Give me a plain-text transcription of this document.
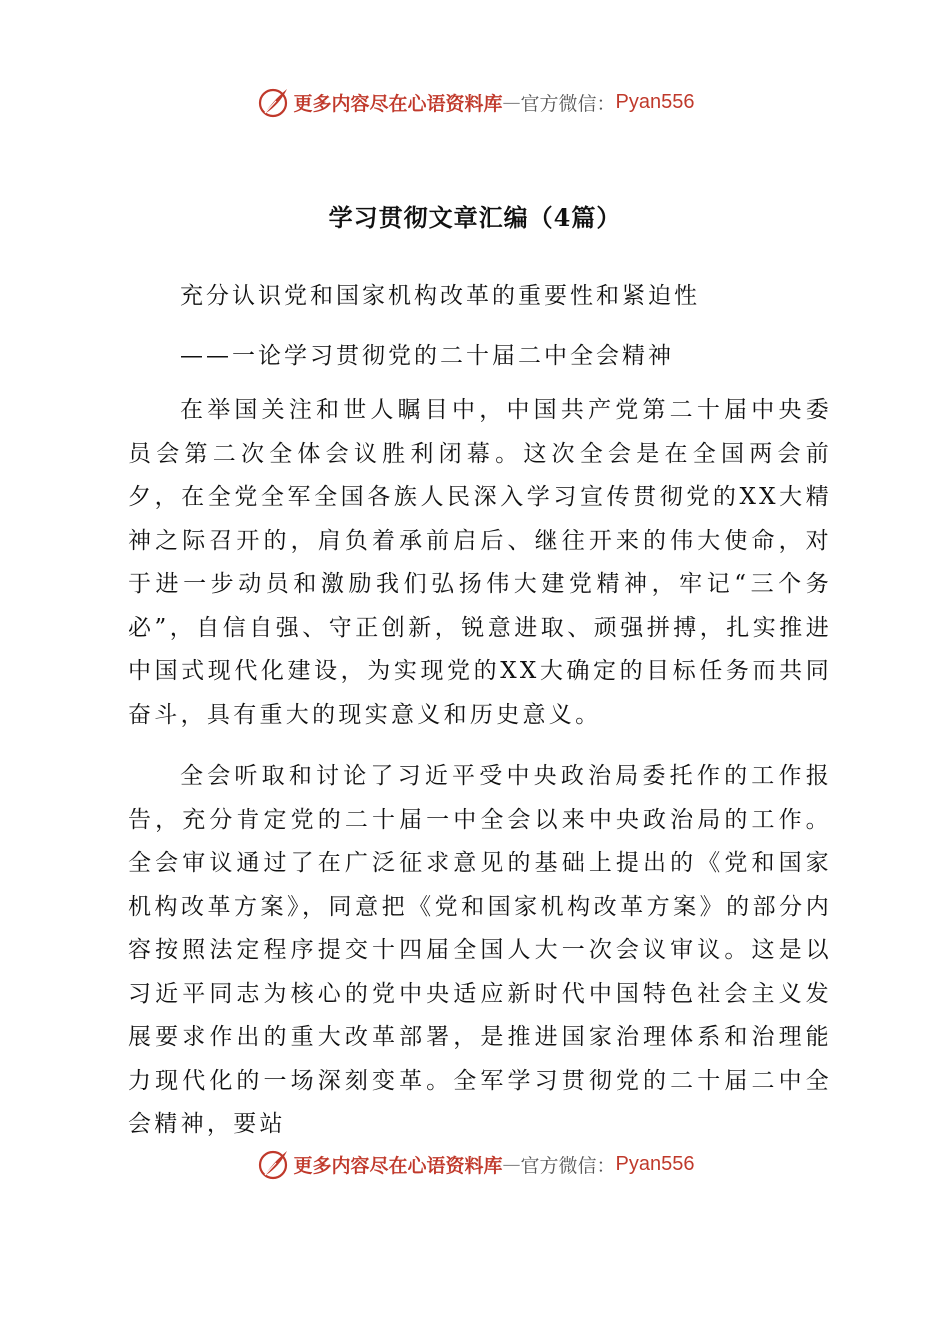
更多内容尽在心语资料库 — 官方微信： Pyan556
学习贯彻文章汇编（4篇）

充分认识党和国家机构改革的重要性和紧迫性

——一论学习贯彻党的二十届二中全会精神

在举国关注和世人瞩目中，中国共产党第二十届中央委员会第二次全体会议胜利闭幕。这次全会是在全国两会前夕，在全党全军全国各族人民深入学习宣传贯彻党的XX大精神之际召开的，肩负着承前启后、继往开来的伟大使命，对于进一步动员和激励我们弘扬伟大建党精神，牢记“三个务必”，自信自强、守正创新，锐意进取、顽强拼搏，扎实推进中国式现代化建设，为实现党的XX大确定的目标任务而共同奋斗，具有重大的现实意义和历史意义。

全会听取和讨论了习近平受中央政治局委托作的工作报告，充分肯定党的二十届一中全会以来中央政治局的工作。全会审议通过了在广泛征求意见的基础上提出的《党和国家机构改革方案》，同意把《党和国家机构改革方案》的部分内容按照法定程序提交十四届全国人大一次会议审议。这是以习近平同志为核心的党中央适应新时代中国特色社会主义发展要求作出的重大改革部署，是推进国家治理体系和治理能力现代化的一场深刻变革。全军学习贯彻党的二十届二中全会精神，要站

更多内容尽在心语资料库 — 官方微信： Pyan556
